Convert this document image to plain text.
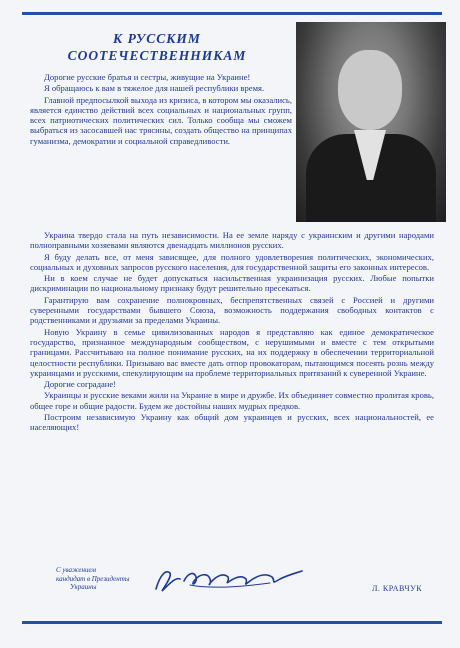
К РУССКИМ
СООТЕЧЕСТВЕННИКАМ

Дорогие русские братья и сестры, живущие на Украине!

Я обращаюсь к вам в тяжелое для нашей республики время.

Главной предпосылкой выхода из кризиса, в котором мы оказались, является единство действий всех социальных и национальных групп, всех патриотических политических сил. Только сообща мы сможем выбраться из засосавшей нас трясины, создать общество на принципах гуманизма, демократии и социальной справедливости.

Украина твердо стала на путь независимости. На ее земле наряду с украинским и другими народами полноправными хозяевами являются двенадцать миллионов русских.

Я буду делать все, от меня зависящее, для полного удовлетворения политических, экономических, социальных и духовных запросов русского населения, для государственной защиты его законных интересов.

Ни в коем случае не будет допускаться насильственная украинизация русских. Любые попытки дискриминации по национальному признаку будут решительно пресекаться.

Гарантирую вам сохранение полнокровных, беспрепятственных связей с Россией и другими суверенными государствами бывшего Союза, возможность поддержания свободных контактов с родственниками и друзьями за пределами Украины.

Новую Украину в семье цивилизованных народов я представляю как единое демократическое государство, признанное международным сообществом, с нерушимыми и вместе с тем открытыми границами. Рассчитываю на полное понимание русских, на их поддержку в обеспечении территориальной целостности республики. Призываю вас вместе дать отпор провокаторам, пытающимся посеять рознь между украинцами и русскими, спекулирующим на проблеме территориальных притязаний к суверенной Украине.

Дорогие соградане!

Украинцы и русские веками жили на Украине в мире и дружбе. Их объединяет совместно пролитая кровь, общее горе и общие радости. Будем же достойны наших мудрых предков.

Построим независимую Украину как общий дом украинцев и русских, всех национальностей, ее населяющих!

С уважением
кандидат в Президенты
Украины	Л. КРАВЧУК
